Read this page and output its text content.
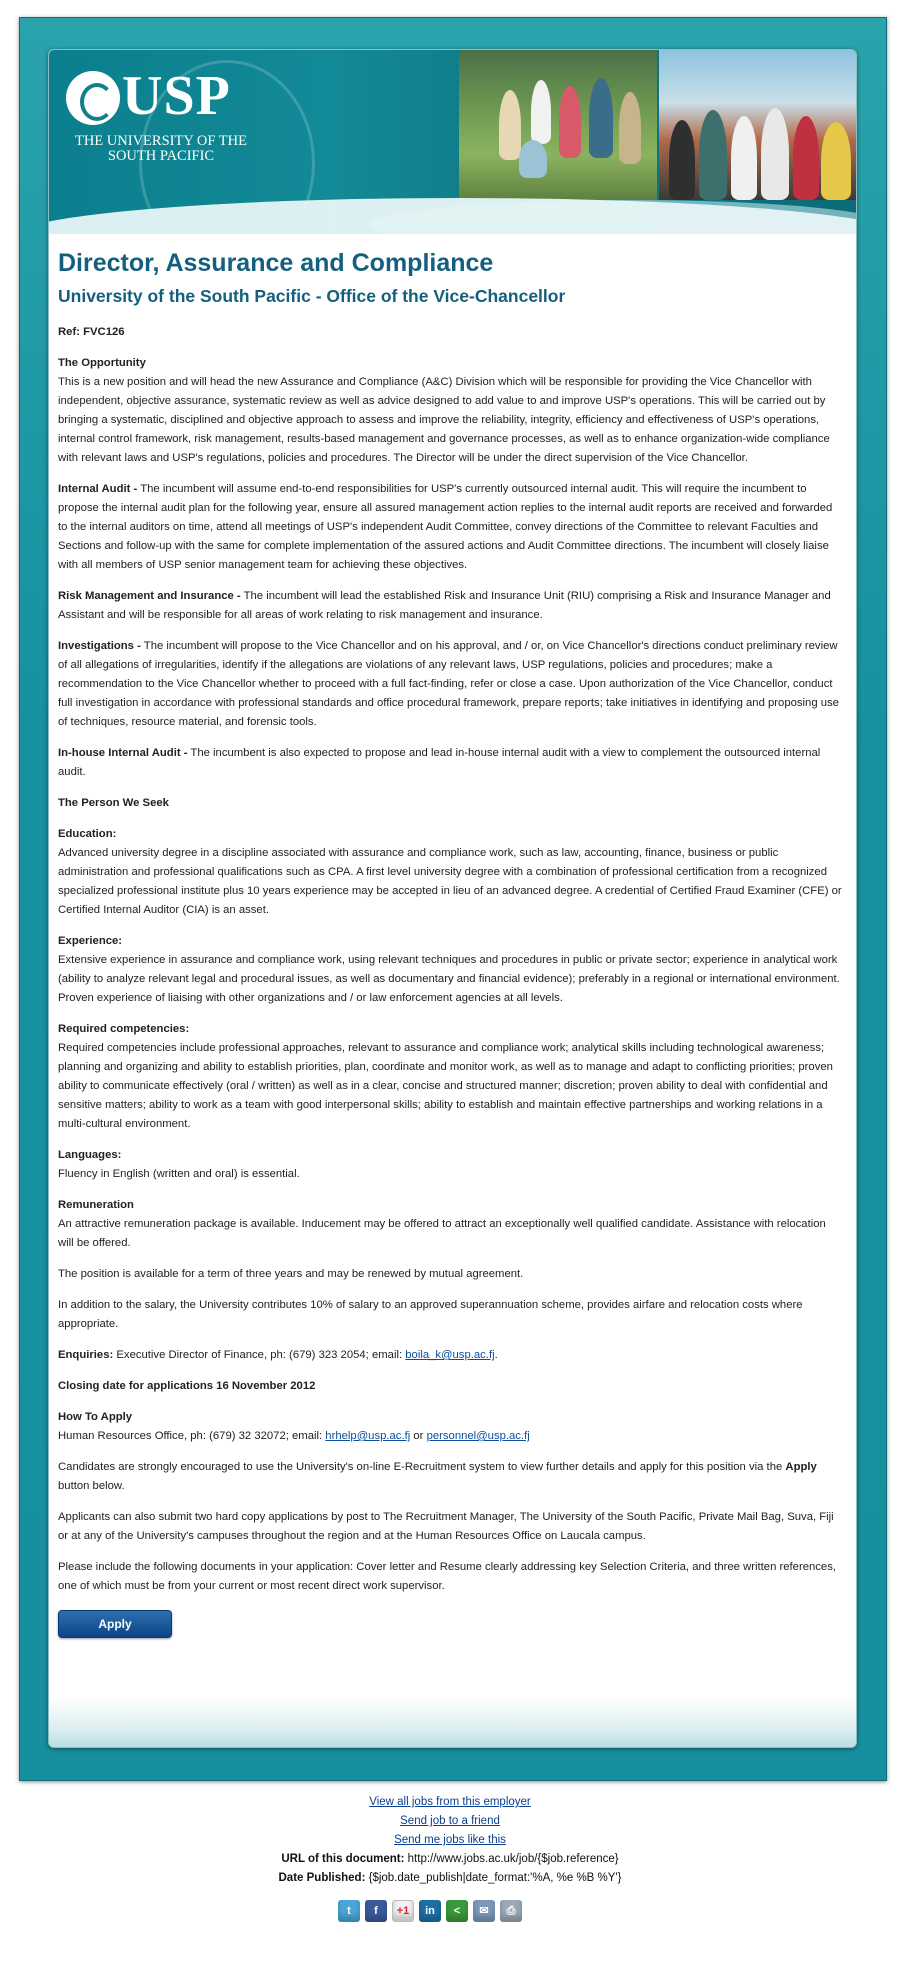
USP
THE UNIVERSITY OF THE SOUTH PACIFIC
Director, Assurance and Compliance
University of the South Pacific - Office of the Vice-Chancellor

Ref: FVC126

The Opportunity
This is a new position and will head the new Assurance and Compliance (A&C) Division which will be responsible for providing the Vice Chancellor with independent, objective assurance, systematic review as well as advice designed to add value to and improve USP's operations. This will be carried out by bringing a systematic, disciplined and objective approach to assess and improve the reliability, integrity, efficiency and effectiveness of USP's operations, internal control framework, risk management, results-based management and governance processes, as well as to enhance organization-wide compliance with relevant laws and USP's regulations, policies and procedures. The Director will be under the direct supervision of the Vice Chancellor.

Internal Audit - The incumbent will assume end-to-end responsibilities for USP's currently outsourced internal audit. This will require the incumbent to propose the internal audit plan for the following year, ensure all assured management action replies to the internal audit reports are received and forwarded to the internal auditors on time, attend all meetings of USP's independent Audit Committee, convey directions of the Committee to relevant Faculties and Sections and follow-up with the same for complete implementation of the assured actions and Audit Committee directions. The incumbent will closely liaise with all members of USP senior management team for achieving these objectives.

Risk Management and Insurance - The incumbent will lead the established Risk and Insurance Unit (RIU) comprising a Risk and Insurance Manager and Assistant and will be responsible for all areas of work relating to risk management and insurance.

Investigations - The incumbent will propose to the Vice Chancellor and on his approval, and / or, on Vice Chancellor's directions conduct preliminary review of all allegations of irregularities, identify if the allegations are violations of any relevant laws, USP regulations, policies and procedures; make a recommendation to the Vice Chancellor whether to proceed with a full fact-finding, refer or close a case. Upon authorization of the Vice Chancellor, conduct full investigation in accordance with professional standards and office procedural framework, prepare reports; take initiatives in identifying and proposing use of techniques, resource material, and forensic tools.

In-house Internal Audit - The incumbent is also expected to propose and lead in-house internal audit with a view to complement the outsourced internal audit.

The Person We Seek

Education:
Advanced university degree in a discipline associated with assurance and compliance work, such as law, accounting, finance, business or public administration and professional qualifications such as CPA. A first level university degree with a combination of professional certification from a recognized specialized professional institute plus 10 years experience may be accepted in lieu of an advanced degree. A credential of Certified Fraud Examiner (CFE) or Certified Internal Auditor (CIA) is an asset.

Experience:
Extensive experience in assurance and compliance work, using relevant techniques and procedures in public or private sector; experience in analytical work (ability to analyze relevant legal and procedural issues, as well as documentary and financial evidence); preferably in a regional or international environment. Proven experience of liaising with other organizations and / or law enforcement agencies at all levels.

Required competencies:
Required competencies include professional approaches, relevant to assurance and compliance work; analytical skills including technological awareness; planning and organizing and ability to establish priorities, plan, coordinate and monitor work, as well as to manage and adapt to conflicting priorities; proven ability to communicate effectively (oral / written) as well as in a clear, concise and structured manner; discretion; proven ability to deal with confidential and sensitive matters; ability to work as a team with good interpersonal skills; ability to establish and maintain effective partnerships and working relations in a multi-cultural environment.

Languages:
Fluency in English (written and oral) is essential.

Remuneration
An attractive remuneration package is available. Inducement may be offered to attract an exceptionally well qualified candidate. Assistance with relocation will be offered.

The position is available for a term of three years and may be renewed by mutual agreement.

In addition to the salary, the University contributes 10% of salary to an approved superannuation scheme, provides airfare and relocation costs where appropriate.

Enquiries: Executive Director of Finance, ph: (679) 323 2054; email: boila_k@usp.ac.fj.

Closing date for applications 16 November 2012

How To Apply
Human Resources Office, ph: (679) 32 32072; email: hrhelp@usp.ac.fj or personnel@usp.ac.fj

Candidates are strongly encouraged to use the University's on-line E-Recruitment system to view further details and apply for this position via the Apply button below.

Applicants can also submit two hard copy applications by post to The Recruitment Manager, The University of the South Pacific, Private Mail Bag, Suva, Fiji or at any of the University's campuses throughout the region and at the Human Resources Office on Laucala campus.

Please include the following documents in your application: Cover letter and Resume clearly addressing key Selection Criteria, and three written references, one of which must be from your current or most recent direct work supervisor.

Apply
View all jobs from this employer
Send job to a friend
Send me jobs like this
URL of this document: http://www.jobs.ac.uk/job/{$job.reference}
Date Published: {$job.date_publish|date_format:'%A, %e %B %Y'}
t	f	+1	in	<	✉	⎙
